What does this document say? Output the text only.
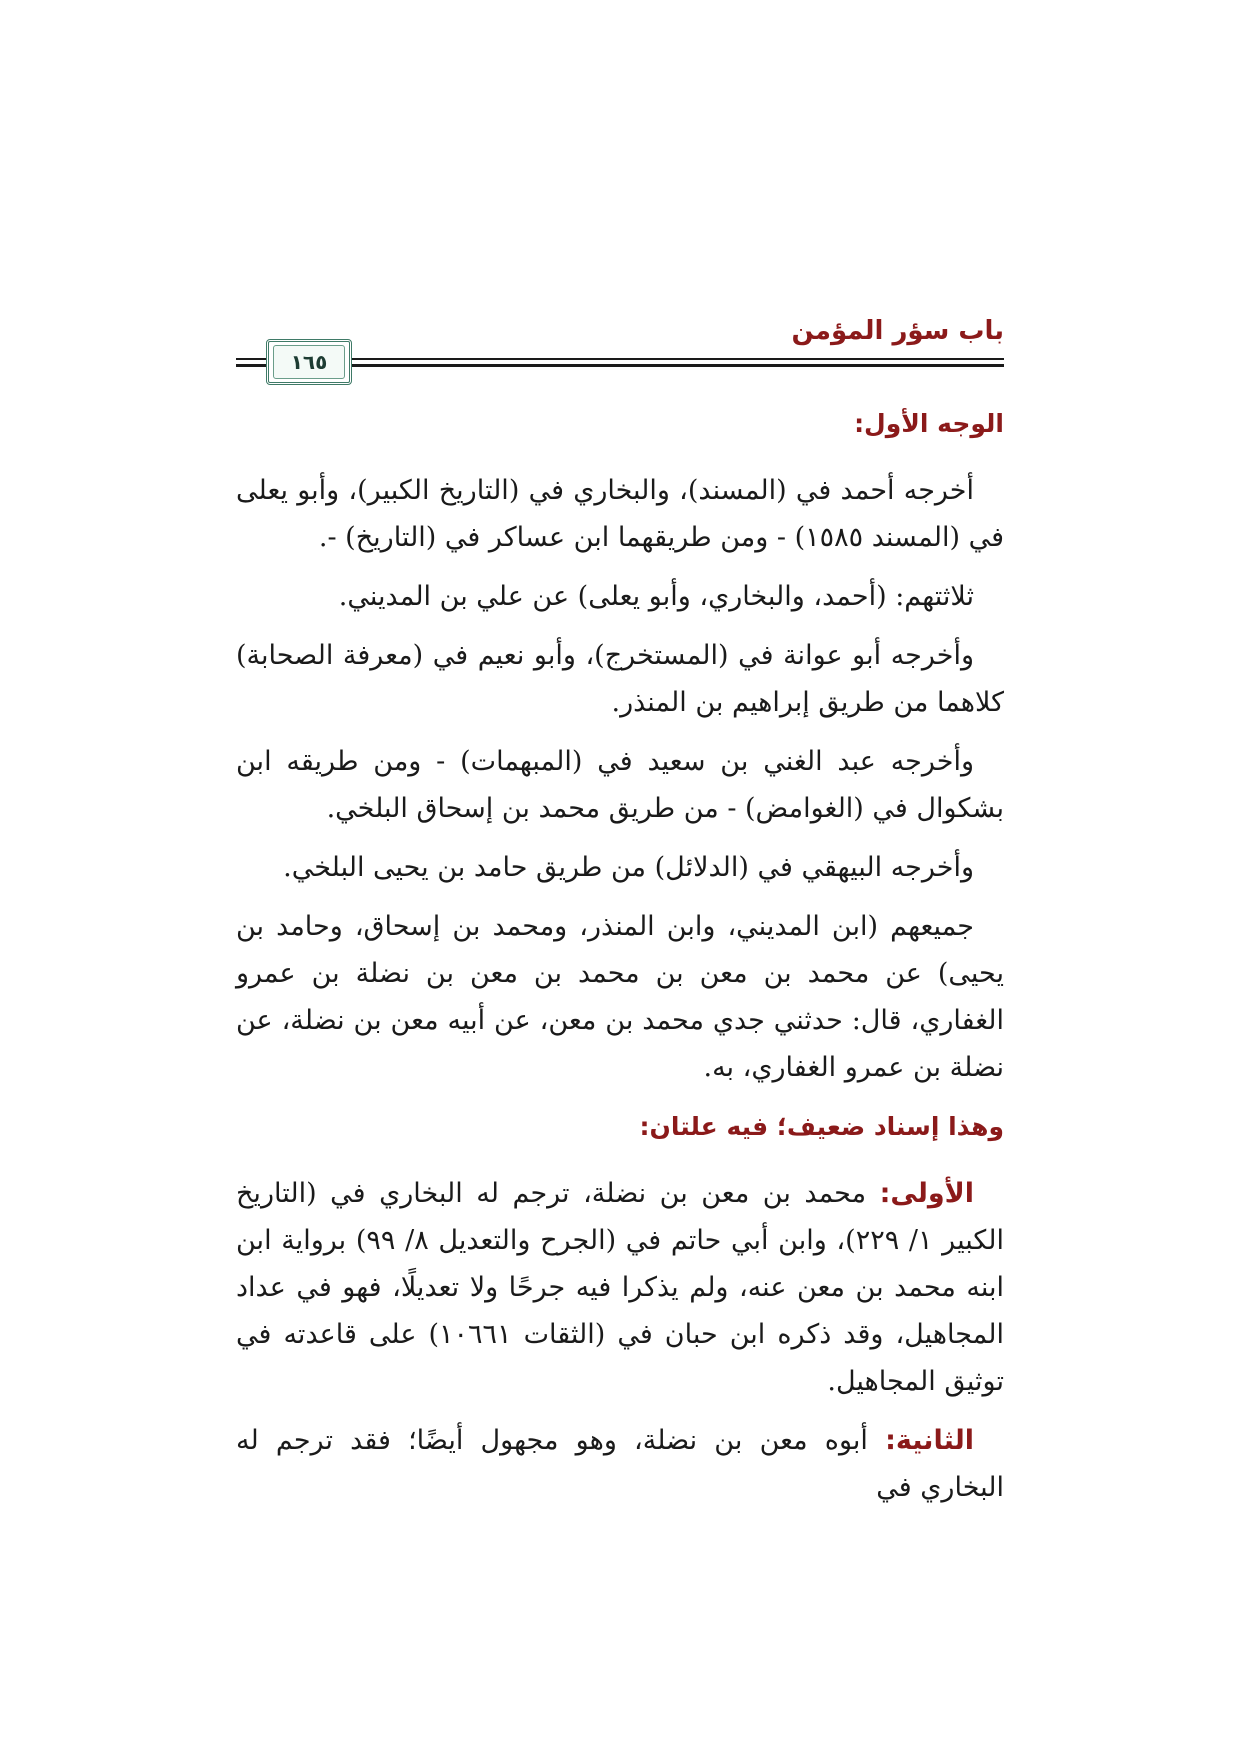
باب سؤر المؤمن
١٦٥
الوجه الأول:

أخرجه أحمد في (المسند)، والبخاري في (التاريخ الكبير)، وأبو يعلى في (المسند ١٥٨٥) - ومن طريقهما ابن عساكر في (التاريخ) -.

ثلاثتهم: (أحمد، والبخاري، وأبو يعلى) عن علي بن المديني.

وأخرجه أبو عوانة في (المستخرج)، وأبو نعيم في (معرفة الصحابة) كلاهما من طريق إبراهيم بن المنذر.

وأخرجه عبد الغني بن سعيد في (المبهمات) - ومن طريقه ابن بشكوال في (الغوامض) - من طريق محمد بن إسحاق البلخي.

وأخرجه البيهقي في (الدلائل) من طريق حامد بن يحيى البلخي.

جميعهم (ابن المديني، وابن المنذر، ومحمد بن إسحاق، وحامد بن يحيى) عن محمد بن معن بن محمد بن معن بن نضلة بن عمرو الغفاري، قال: حدثني جدي محمد بن معن، عن أبيه معن بن نضلة، عن نضلة بن عمرو الغفاري، به.

وهذا إسناد ضعيف؛ فيه علتان:

الأولى: محمد بن معن بن نضلة، ترجم له البخاري في (التاريخ الكبير ١/ ٢٢٩)، وابن أبي حاتم في (الجرح والتعديل ٨/ ٩٩) برواية ابن ابنه محمد بن معن عنه، ولم يذكرا فيه جرحًا ولا تعديلًا، فهو في عداد المجاهيل، وقد ذكره ابن حبان في (الثقات ١٠٦٦١) على قاعدته في توثيق المجاهيل.

الثانية: أبوه معن بن نضلة، وهو مجهول أيضًا؛ فقد ترجم له البخاري في
